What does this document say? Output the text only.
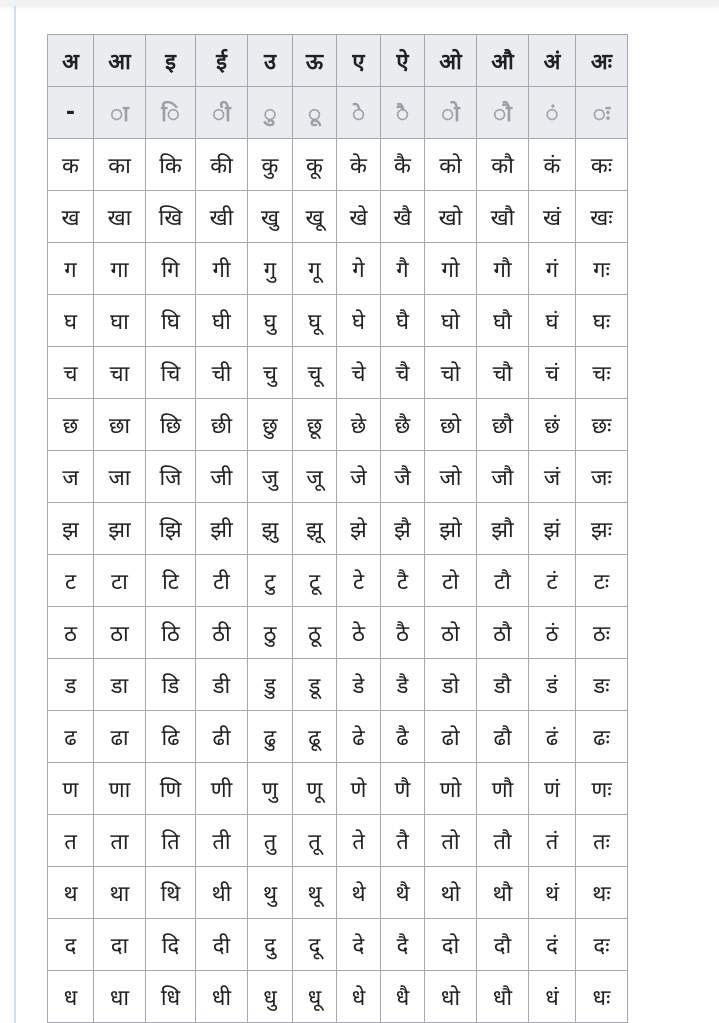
अ	आ	इ	ई	उ	ऊ	ए	ऐ	ओ	औ	अं	अः
-	ा	ि	ी	ु	ू	े	ै	ो	ौ	ं	ः
क	का	कि	की	कु	कू	के	कै	को	कौ	कं	कः
ख	खा	खि	खी	खु	खू	खे	खै	खो	खौ	खं	खः
ग	गा	गि	गी	गु	गू	गे	गै	गो	गौ	गं	गः
घ	घा	घि	घी	घु	घू	घे	घै	घो	घौ	घं	घः
च	चा	चि	ची	चु	चू	चे	चै	चो	चौ	चं	चः
छ	छा	छि	छी	छु	छू	छे	छै	छो	छौ	छं	छः
ज	जा	जि	जी	जु	जू	जे	जै	जो	जौ	जं	जः
झ	झा	झि	झी	झु	झू	झे	झै	झो	झौ	झं	झः
ट	टा	टि	टी	टु	टू	टे	टै	टो	टौ	टं	टः
ठ	ठा	ठि	ठी	ठु	ठू	ठे	ठै	ठो	ठौ	ठं	ठः
ड	डा	डि	डी	डु	डू	डे	डै	डो	डौ	डं	डः
ढ	ढा	ढि	ढी	ढु	ढू	ढे	ढै	ढो	ढौ	ढं	ढः
ण	णा	णि	णी	णु	णू	णे	णै	णो	णौ	णं	णः
त	ता	ति	ती	तु	तू	ते	तै	तो	तौ	तं	तः
थ	था	थि	थी	थु	थू	थे	थै	थो	थौ	थं	थः
द	दा	दि	दी	दु	दू	दे	दै	दो	दौ	दं	दः
ध	धा	धि	धी	धु	धू	धे	धै	धो	धौ	धं	धः
